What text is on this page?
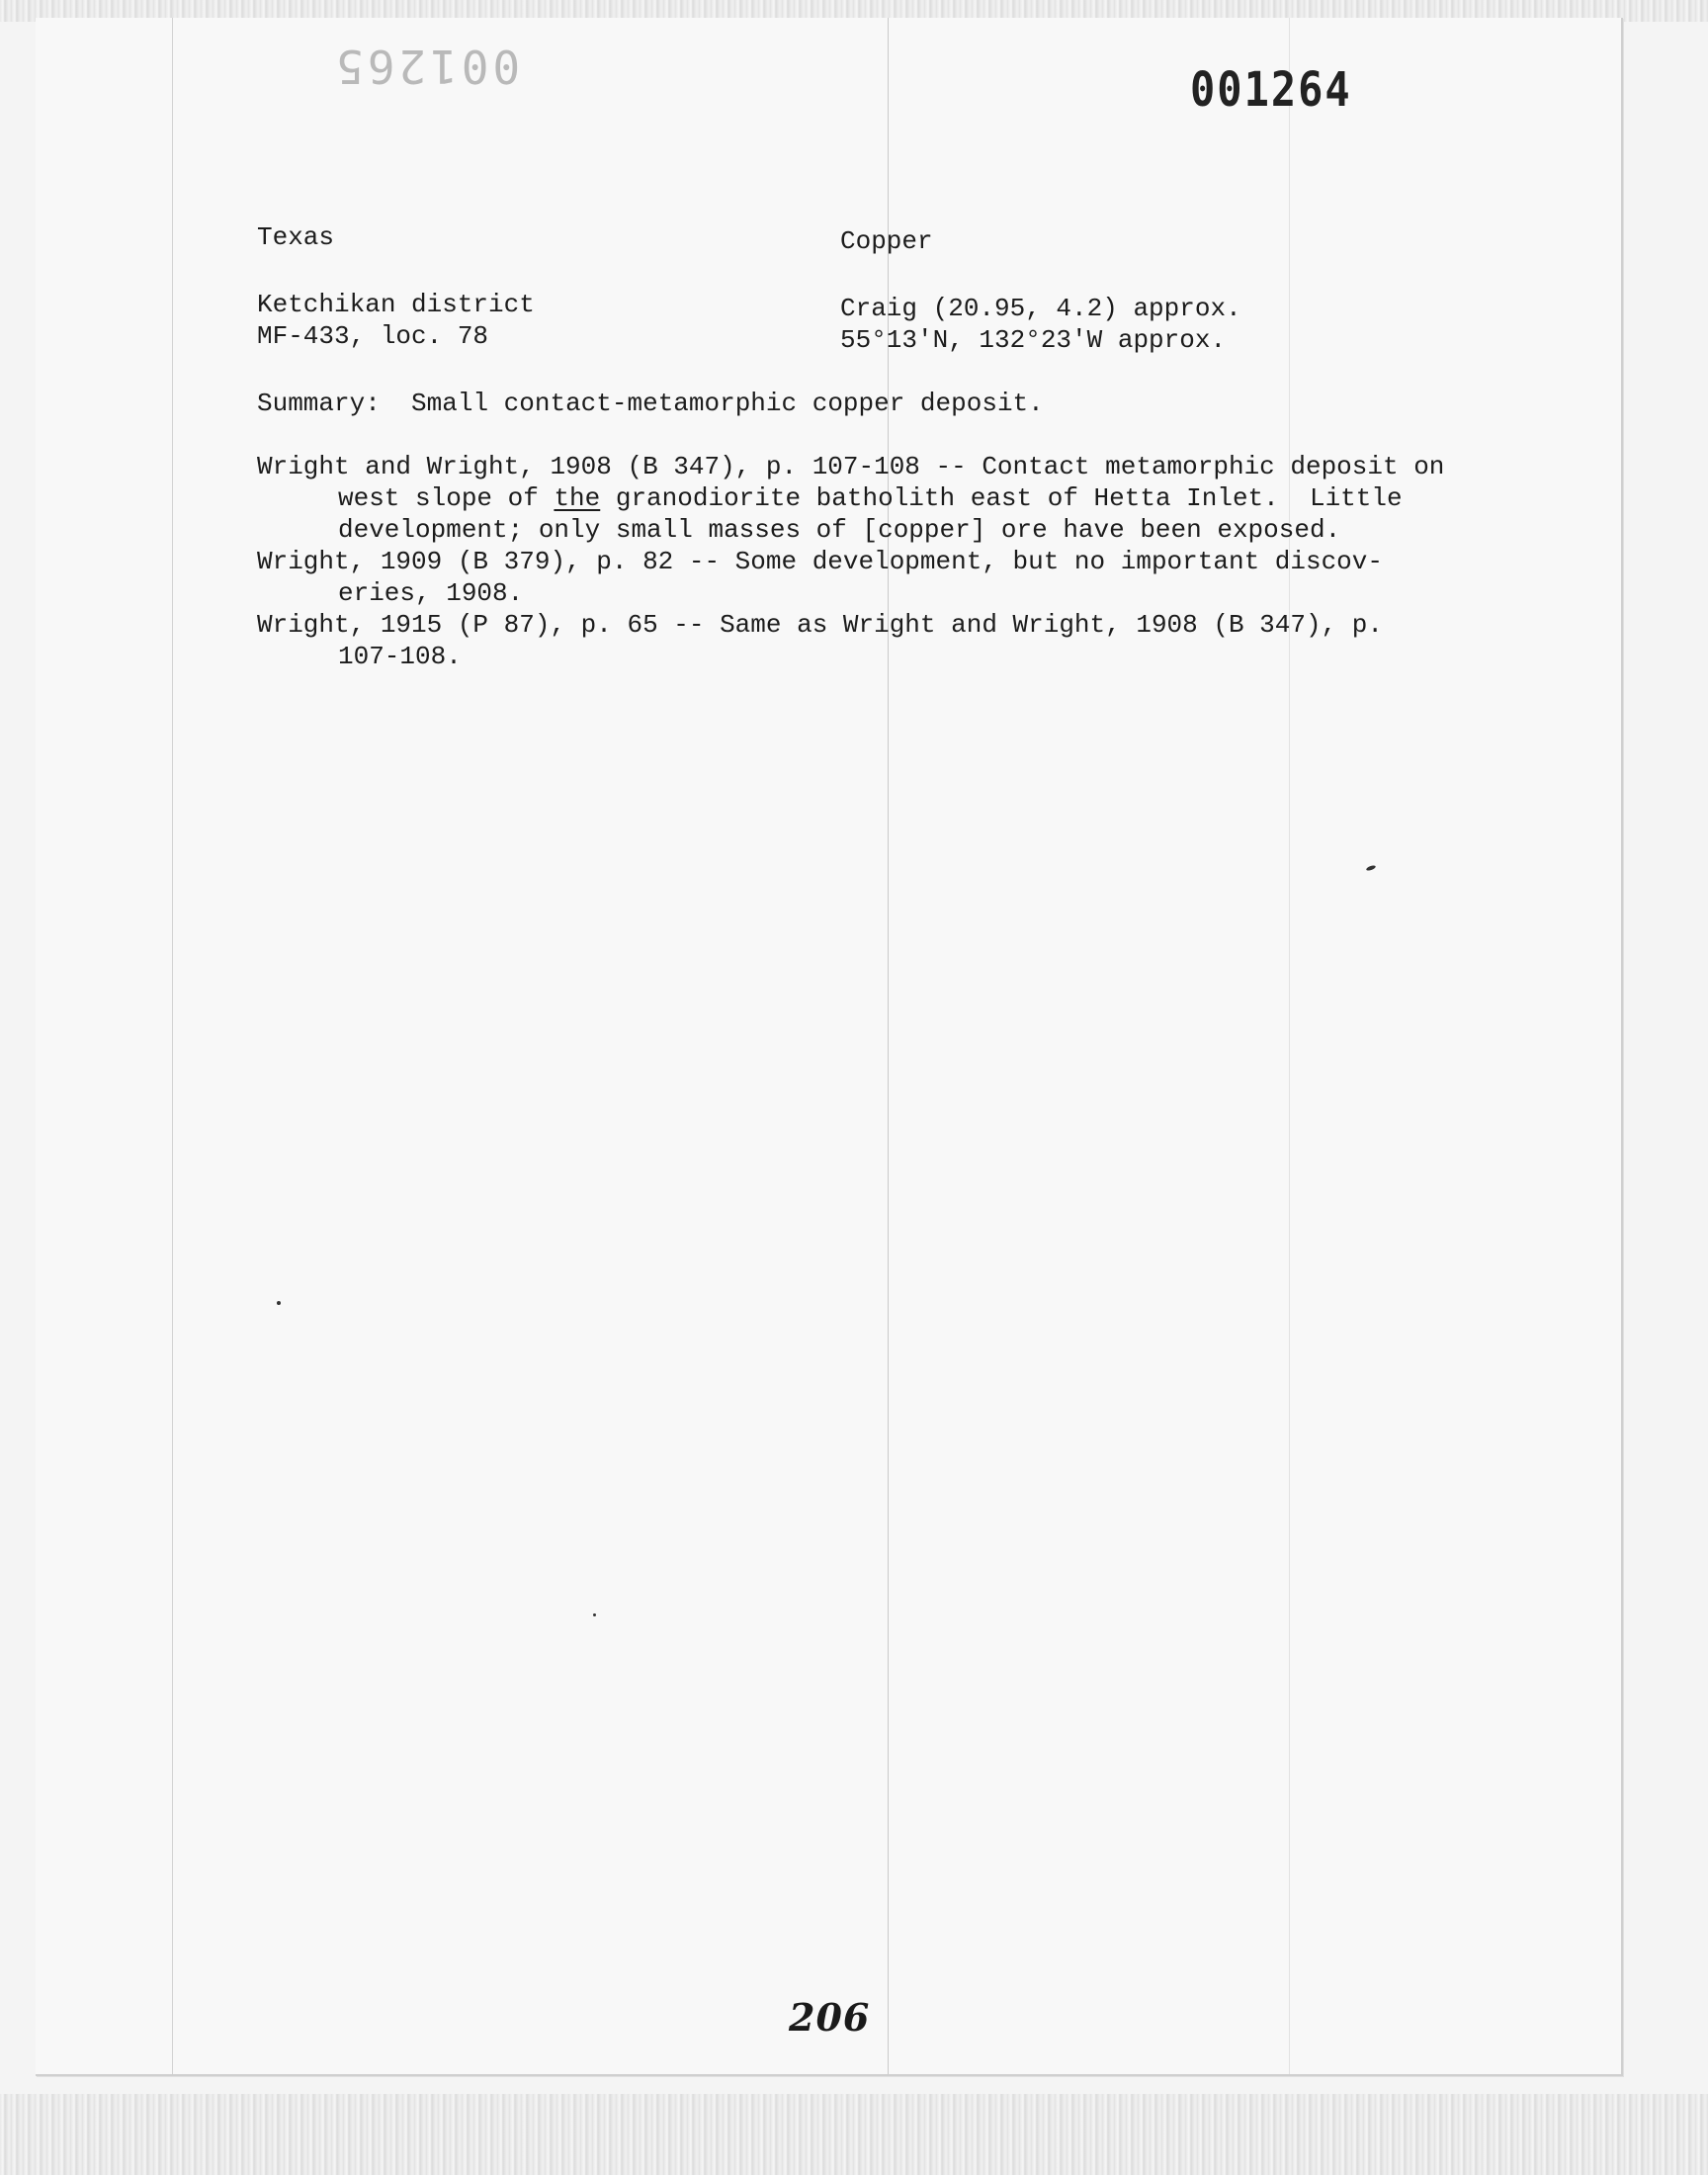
001265	001264
Texas	Copper
Ketchikan district	Craig (20.95, 4.2) approx.
MF-433, loc. 78	55°13'N, 132°23'W approx.
Summary: Small contact-metamorphic copper deposit.
Wright and Wright, 1908 (B 347), p. 107-108 -- Contact metamorphic deposit on
west slope of the granodiorite batholith east of Hetta Inlet.  Little
development; only small masses of [copper] ore have been exposed.
Wright, 1909 (B 379), p. 82 -- Some development, but no important discov-
eries, 1908.
Wright, 1915 (P 87), p. 65 -- Same as Wright and Wright, 1908 (B 347), p.
107-108.
206
